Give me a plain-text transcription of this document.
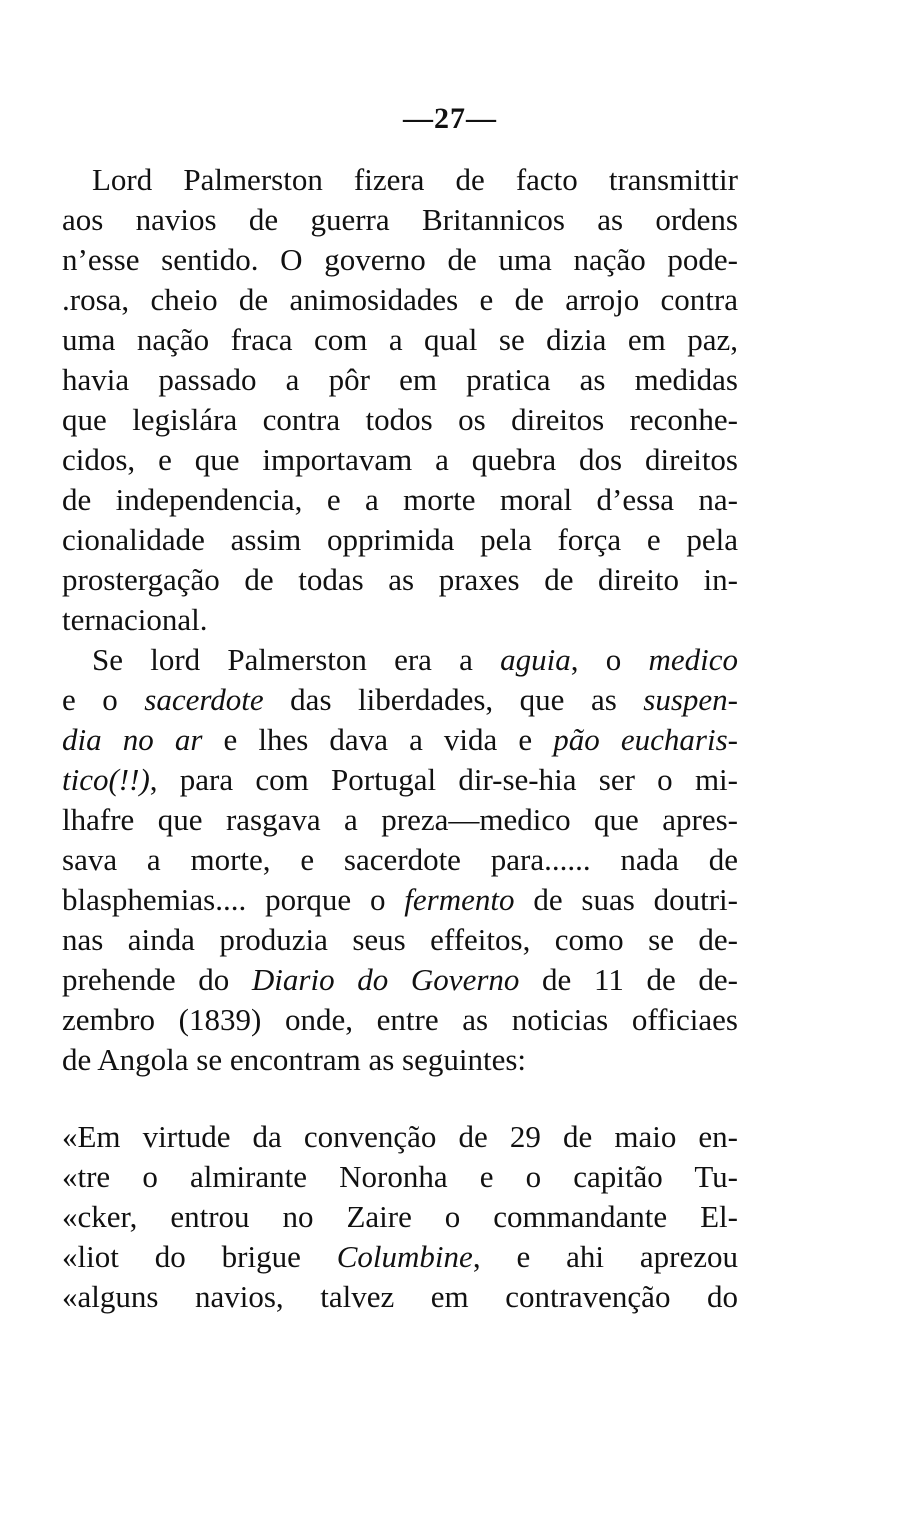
—27—
Lord Palmerston fizera de facto transmittir
aos navios de guerra Britannicos as ordens
n’esse sentido. O governo de uma nação pode-
.rosa, cheio de animosidades e de arrojo contra
uma nação fraca com a qual se dizia em paz,
havia passado a pôr em pratica as medidas
que legislára contra todos os direitos reconhe-
cidos, e que importavam a quebra dos direitos
de independencia, e a morte moral d’essa na-
cionalidade assim opprimida pela força e pela
prostergação de todas as praxes de direito in-
ternacional.
Se lord Palmerston era a aguia, o medico
e o sacerdote das liberdades, que as suspen-
dia no ar e lhes dava a vida e pão eucharis-
tico(!!), para com Portugal dir-se-hia ser o mi-
lhafre que rasgava a preza—medico que apres-
sava a morte, e sacerdote para...... nada de
blasphemias.... porque o fermento de suas doutri-
nas ainda produzia seus effeitos, como se de-
prehende do Diario do Governo de 11 de de-
zembro (1839) onde, entre as noticias officiaes
de Angola se encontram as seguintes:
«Em virtude da convenção de 29 de maio en-
«tre o almirante Noronha e o capitão Tu-
«cker, entrou no Zaire o commandante El-
«liot do brigue Columbine, e ahi aprezou
«alguns navios, talvez em contravenção do
